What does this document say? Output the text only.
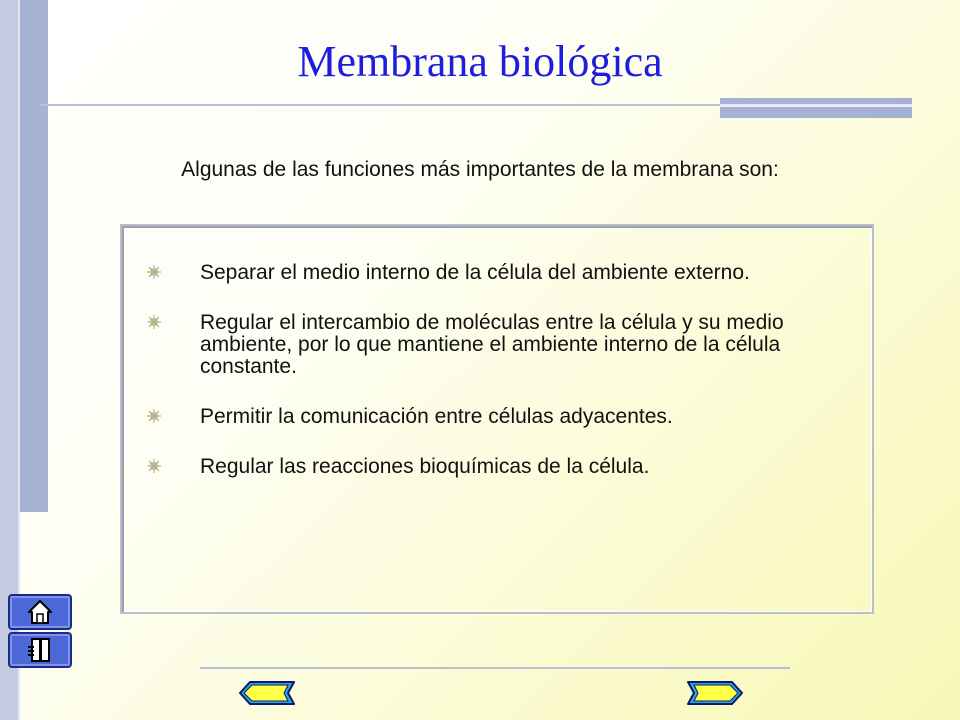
Membrana biológica
Algunas de las funciones más importantes de la membrana son:
Separar el medio interno de la célula del ambiente externo.
Regular el intercambio de moléculas entre la célula y su medio ambiente, por lo que mantiene el ambiente interno de la célula constante.
Permitir la comunicación entre células adyacentes.
Regular las reacciones bioquímicas de la célula.
